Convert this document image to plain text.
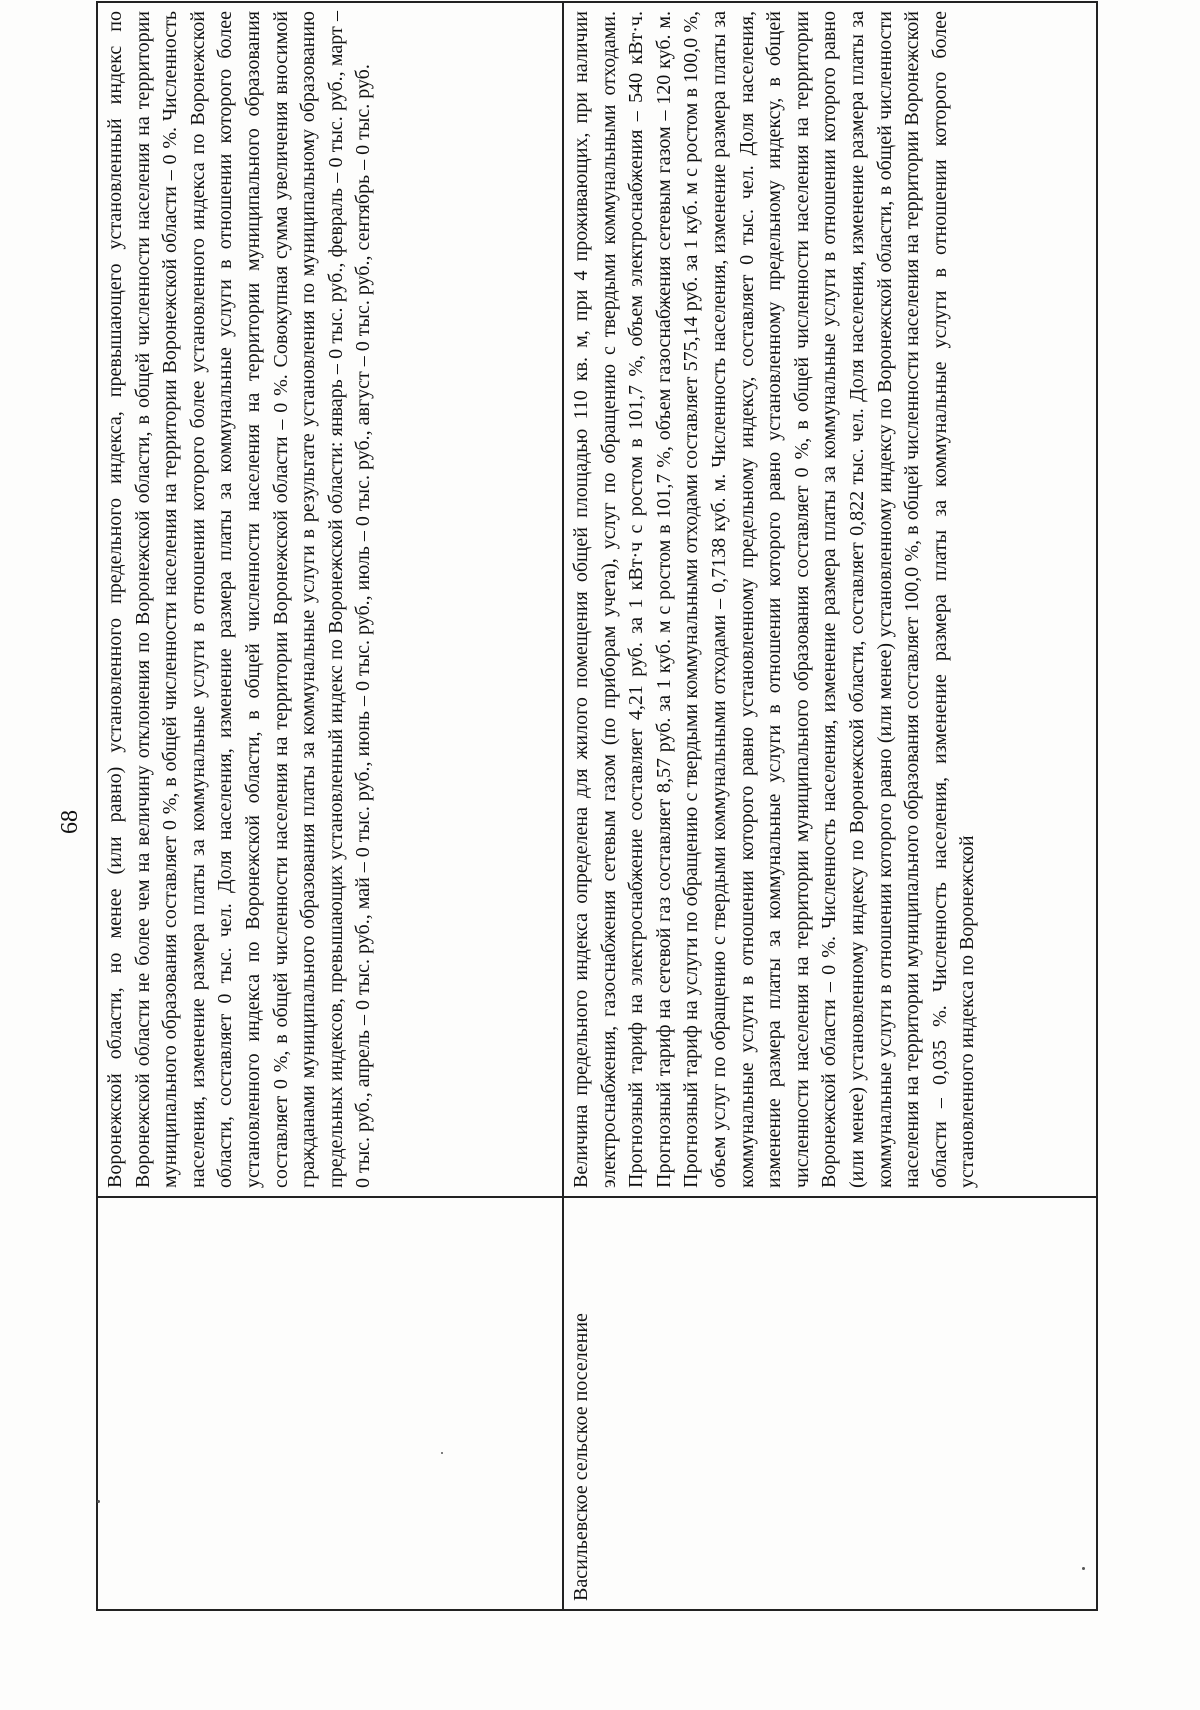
68

	Воронежской области, но менее (или равно) установленного предельного индекса, превышающего установленный индекс по Воронежской области не более чем на величину отклонения по Воронежской области, в общей численности населения на территории муниципального образования составляет 0 %, в общей численности населения на территории Воронежской области – 0 %. Численность населения, изменение размера платы за коммунальные услуги в отношении которого более установленного индекса по Воронежской области, составляет 0 тыс. чел. Доля населения, изменение размера платы за коммунальные услуги в отношении которого более установленного индекса по Воронежской области, в общей численности населения на территории муниципального образования составляет 0 %, в общей численности населения на территории Воронежской области – 0 %. Совокупная сумма увеличения вносимой гражданами муниципального образования платы за коммунальные услуги в результате установления по муниципальному образованию предельных индексов, превышающих установленный индекс по Воронежской области: январь – 0 тыс. руб., февраль – 0 тыс. руб., март – 0 тыс. руб., апрель – 0 тыс. руб., май – 0 тыс. руб., июнь – 0 тыс. руб., июль – 0 тыс. руб., август – 0 тыс. руб., сентябрь – 0 тыс. руб.

Васильевское сельское поселение	Величина предельного индекса определена для жилого помещения общей площадью 110 кв. м, при 4 проживающих, при наличии электроснабжения, газоснабжения сетевым газом (по приборам учета), услуг по обращению с твердыми коммунальными отходами. Прогнозный тариф на электроснабжение составляет 4,21 руб. за 1 кВт·ч с ростом в 101,7 %, объем электроснабжения – 540 кВт·ч. Прогнозный тариф на сетевой газ составляет 8,57 руб. за 1 куб. м с ростом в 101,7 %, объем газоснабжения сетевым газом – 120 куб. м. Прогнозный тариф на услуги по обращению с твердыми коммунальными отходами составляет 575,14 руб. за 1 куб. м с ростом в 100,0 %, объем услуг по обращению с твердыми коммунальными отходами – 0,7138 куб. м. Численность населения, изменение размера платы за коммунальные услуги в отношении которого равно установленному предельному индексу, составляет 0 тыс. чел. Доля населения, изменение размера платы за коммунальные услуги в отношении которого равно установленному предельному индексу, в общей численности населения на территории муниципального образования составляет 0 %, в общей численности населения на территории Воронежской области – 0 %. Численность населения, изменение размера платы за коммунальные услуги в отношении которого равно (или менее) установленному индексу по Воронежской области, составляет 0,822 тыс. чел. Доля населения, изменение размера платы за коммунальные услуги в отношении которого равно (или менее) установленному индексу по Воронежской области, в общей численности населения на территории муниципального образования составляет 100,0 %, в общей численности населения на территории Воронежской области – 0,035 %. Численность населения, изменение размера платы за коммунальные услуги в отношении которого более установленного индекса по Воронежской
